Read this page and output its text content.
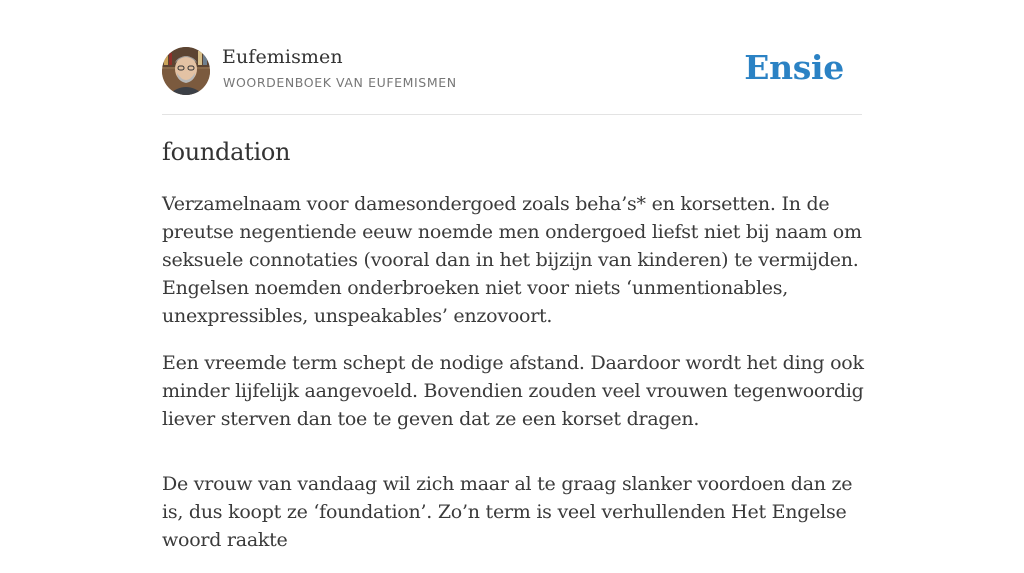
Eufemismen
WOORDENBOEK VAN EUFEMISMEN	Ensie
foundation

Verzamelnaam voor damesondergoed zoals beha’s* en korsetten. In de preutse negentiende eeuw noemde men ondergoed liefst niet bij naam om seksuele connotaties (vooral dan in het bijzijn van kinderen) te vermijden. Engelsen noemden onderbroeken niet voor niets ‘unmentionables, unexpressibles, unspeakables’ enzovoort.

Een vreemde term schept de nodige afstand. Daardoor wordt het ding ook minder lijfelijk aangevoeld. Bovendien zouden veel vrouwen tegenwoordig liever sterven dan toe te geven dat ze een korset dragen.

De vrouw van vandaag wil zich maar al te graag slanker voordoen dan ze is, dus koopt ze ‘foundation’. Zo’n term is veel verhullenden Het Engelse woord raakte
